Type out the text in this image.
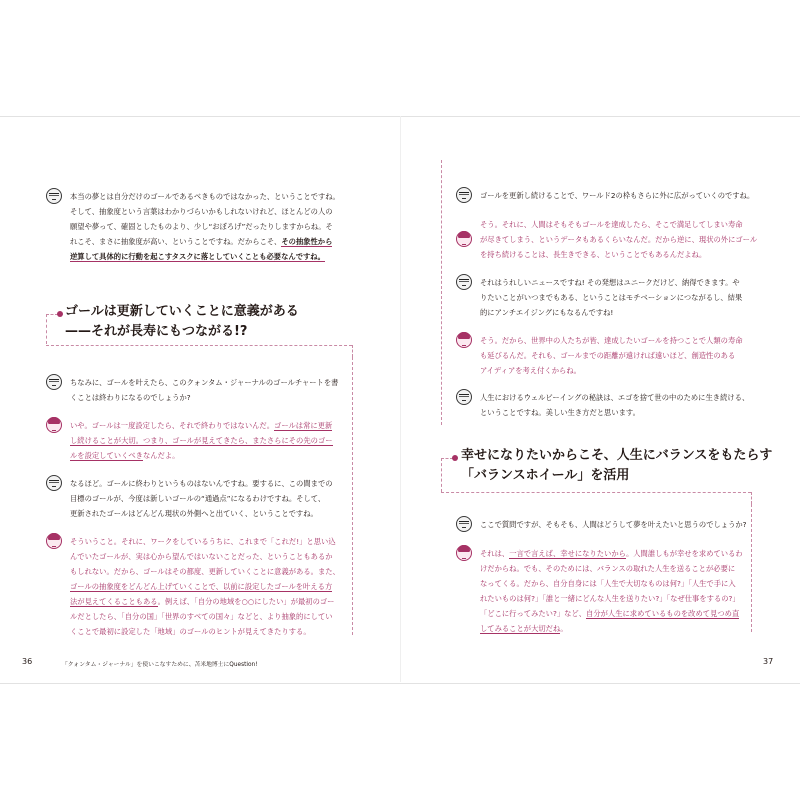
本当の夢とは自分だけのゴールであるべきものではなかった、ということですね。
そして、抽象度という言葉はわかりづらいかもしれないけれど、ほとんどの人の
願望や夢って、確固としたものより、少し“おぼろげ”だったりしますからね。そ
れこそ、まさに抽象度が高い、ということですね。だからこそ、その抽象性から
逆算して具体的に行動を起こすタスクに落としていくことも必要なんですね。
ゴールは更新していくことに意義がある
——それが長寿にもつながる!?
ちなみに、ゴールを叶えたら、このクォンタム・ジャーナルのゴールチャートを書
くことは終わりになるのでしょうか?
いや。ゴールは一度設定したら、それで終わりではないんだ。ゴールは常に更新
し続けることが大切。つまり、ゴールが見えてきたら、またさらにその先のゴー
ルを設定していくべきなんだよ。
なるほど。ゴールに終わりというものはないんですね。要するに、この間までの
目標のゴールが、今度は新しいゴールの“通過点”になるわけですね。そして、
更新されたゴールはどんどん現状の外側へと出ていく、ということですね。
そういうこと。それに、ワークをしているうちに、これまで「これだ!」と思い込
んでいたゴールが、実は心から望んではいないことだった、ということもあるか
もしれない。だから、ゴールはその都度、更新していくことに意義がある。また、
ゴールの抽象度をどんどん上げていくことで、以前に設定したゴールを叶える方
法が見えてくることもある。例えば、「自分の地域を○○にしたい」が最初のゴー
ルだとしたら、「自分の国」「世界のすべての国々」などと、より抽象的にしてい
くことで最初に設定した「地域」のゴールのヒントが見えてきたりする。
36	「クォンタム・ジャーナル」を使いこなすために、苫米地博士にQuestion!
ゴールを更新し続けることで、ワールド2の枠もさらに外に広がっていくのですね。
そう。それに、人間はそもそもゴールを達成したら、そこで満足してしまい寿命
が尽きてしまう、というデータもあるくらいなんだ。だから逆に、現状の外にゴール
を持ち続けることは、長生きできる、ということでもあるんだよね。
それはうれしいニュースですね! その発想はユニークだけど、納得できます。や
りたいことがいつまでもある、ということはモチベーションにつながるし、結果
的にアンチエイジングにもなるんですね!
そう。だから、世界中の人たちが皆、達成したいゴールを持つことで人類の寿命
も延びるんだ。それも、ゴールまでの距離が遠ければ遠いほど、創造性のある
アイディアを考え付くからね。
人生におけるウェルビーイングの秘訣は、エゴを捨て世の中のために生き続ける、
ということですね。美しい生き方だと思います。
幸せになりたいからこそ、人生にバランスをもたらす
「バランスホイール」を活用
ここで質問ですが、そもそも、人間はどうして夢を叶えたいと思うのでしょうか?
それは、一言で言えば、幸せになりたいから。人間誰しもが幸せを求めているわ
けだからね。でも、そのためには、バランスの取れた人生を送ることが必要に
なってくる。だから、自分自身には「人生で大切なものは何?」「人生で手に入
れたいものは何?」「誰と一緒にどんな人生を送りたい?」「なぜ仕事をするの?」
「どこに行ってみたい?」など、自分が人生に求めているものを改めて見つめ直
してみることが大切だね。
37
